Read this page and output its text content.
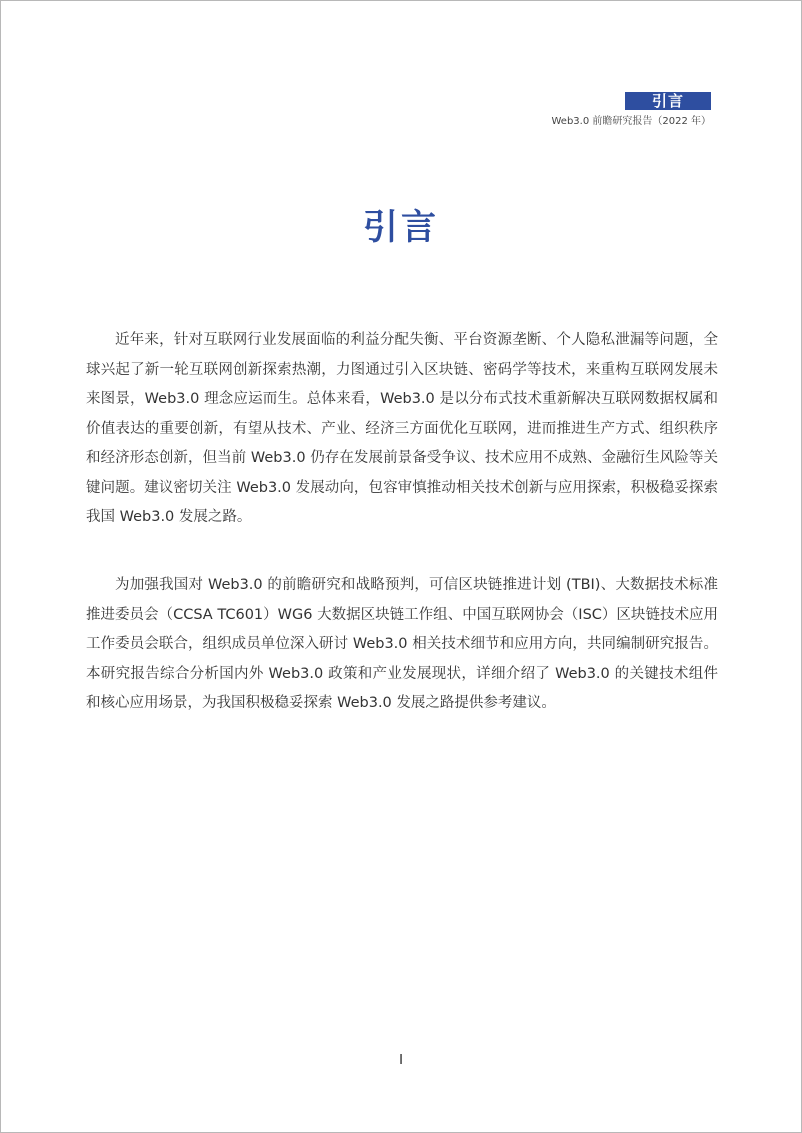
引言
Web3.0 前瞻研究报告（2022 年）
引言

近年来，针对互联网行业发展面临的利益分配失衡、平台资源垄断、个人隐私泄漏等问题，全球兴起了新一轮互联网创新探索热潮，力图通过引入区块链、密码学等技术，来重构互联网发展未来图景，Web3.0 理念应运而生。总体来看，Web3.0 是以分布式技术重新解决互联网数据权属和价值表达的重要创新，有望从技术、产业、经济三方面优化互联网，进而推进生产方式、组织秩序和经济形态创新，但当前 Web3.0 仍存在发展前景备受争议、技术应用不成熟、金融衍生风险等关键问题。建议密切关注 Web3.0 发展动向，包容审慎推动相关技术创新与应用探索，积极稳妥探索我国 Web3.0 发展之路。

为加强我国对 Web3.0 的前瞻研究和战略预判，可信区块链推进计划 (TBI)、大数据技术标准推进委员会（CCSA TC601）WG6 大数据区块链工作组、中国互联网协会（ISC）区块链技术应用工作委员会联合，组织成员单位深入研讨 Web3.0 相关技术细节和应用方向，共同编制研究报告。本研究报告综合分析国内外 Web3.0 政策和产业发展现状，详细介绍了 Web3.0 的关键技术组件和核心应用场景，为我国积极稳妥探索 Web3.0 发展之路提供参考建议。

I
